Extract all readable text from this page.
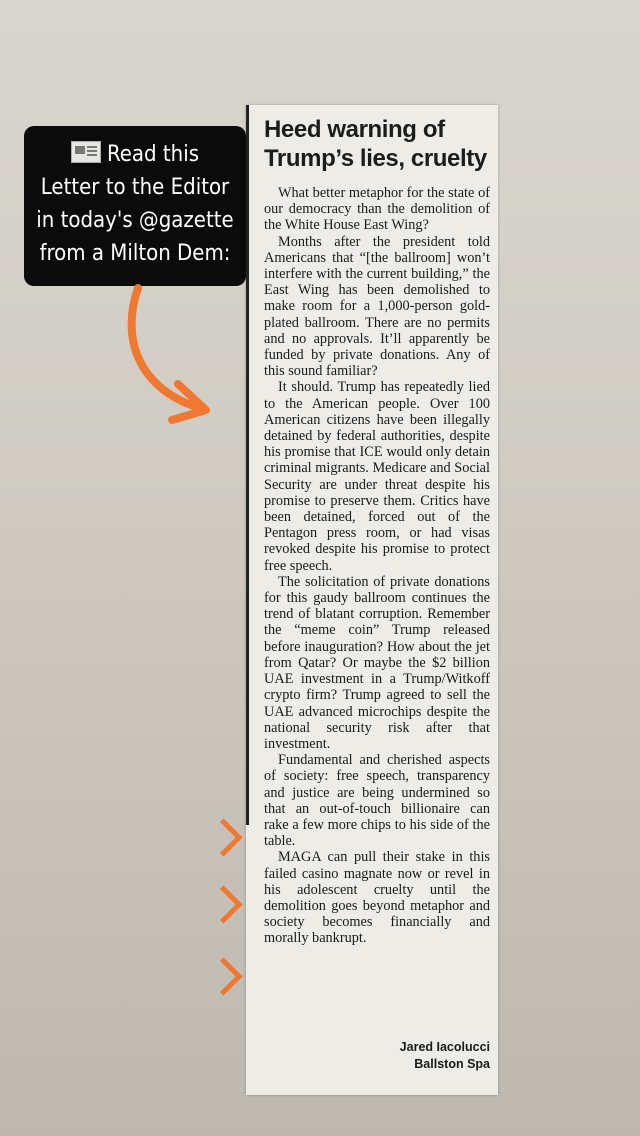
Read this
Letter to the Editor
in today's @gazette
from a Milton Dem:
Heed warning of
Trump’s lies, cruelty

What better metaphor for the state of our democracy than the demolition of the White House East Wing?

Months after the president told Americans that “[the ballroom] won’t interfere with the current building,” the East Wing has been demolished to make room for a 1,000-person gold-plated ballroom. There are no permits and no approvals. It’ll apparently be funded by private donations. Any of this sound familiar?

It should. Trump has repeatedly lied to the American people. Over 100 American citizens have been illegally detained by federal authorities, despite his promise that ICE would only detain criminal migrants. Medicare and Social Security are under threat despite his promise to preserve them. Critics have been detained, forced out of the Pentagon press room, or had visas revoked despite his promise to protect free speech.

The solicitation of private donations for this gaudy ballroom continues the trend of blatant corruption. Remember the “meme coin” Trump released before inauguration? How about the jet from Qatar? Or maybe the $2 billion UAE investment in a Trump/Witkoff crypto firm? Trump agreed to sell the UAE advanced microchips despite the national security risk after that investment.

Fundamental and cherished aspects of society: free speech, transparency and justice are being undermined so that an out-of-touch billionaire can rake a few more chips to his side of the table.

MAGA can pull their stake in this failed casino magnate now or revel in his adolescent cruelty until the demolition goes beyond metaphor and society becomes financially and morally bankrupt.

Jared Iacolucci
Ballston Spa
